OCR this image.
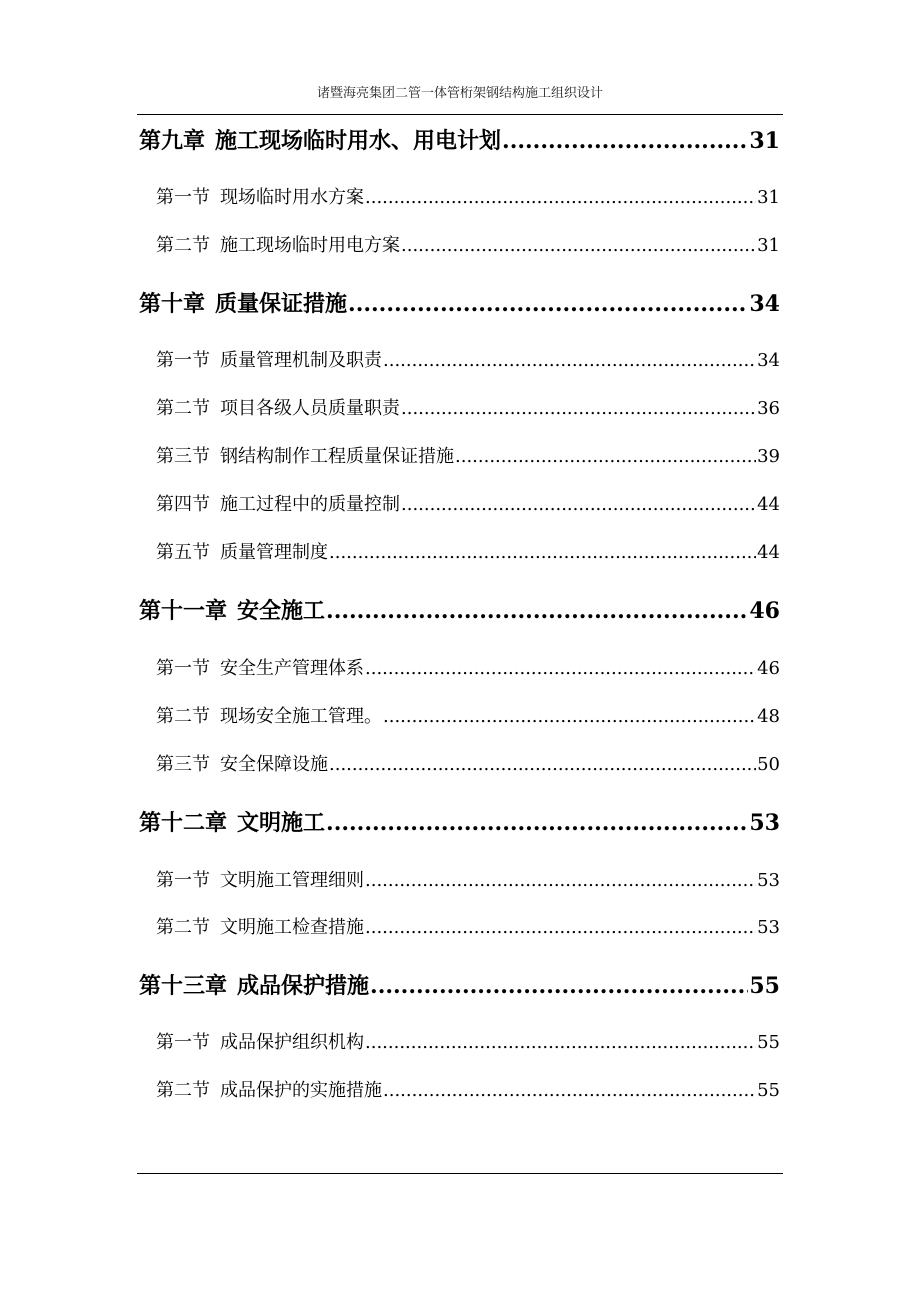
诸暨海亮集团二管一体管桁架钢结构施工组织设计
第九章 施工现场临时用水、用电计划 .....	31
第一节 现场临时用水方案 .....	31
第二节 施工现场临时用电方案 .....	31
第十章 质量保证措施 .....	34
第一节 质量管理机制及职责 .....	34
第二节 项目各级人员质量职责 .....	36
第三节 钢结构制作工程质量保证措施 .....	39
第四节 施工过程中的质量控制 .....	44
第五节 质量管理制度 .....	44
第十一章 安全施工 .....	46
第一节 安全生产管理体系 .....	46
第二节 现场安全施工管理。 .....	48
第三节 安全保障设施 .....	50
第十二章 文明施工 .....	53
第一节 文明施工管理细则 .....	53
第二节 文明施工检查措施 .....	53
第十三章 成品保护措施 .....	55
第一节 成品保护组织机构 .....	55
第二节 成品保护的实施措施 .....	55
